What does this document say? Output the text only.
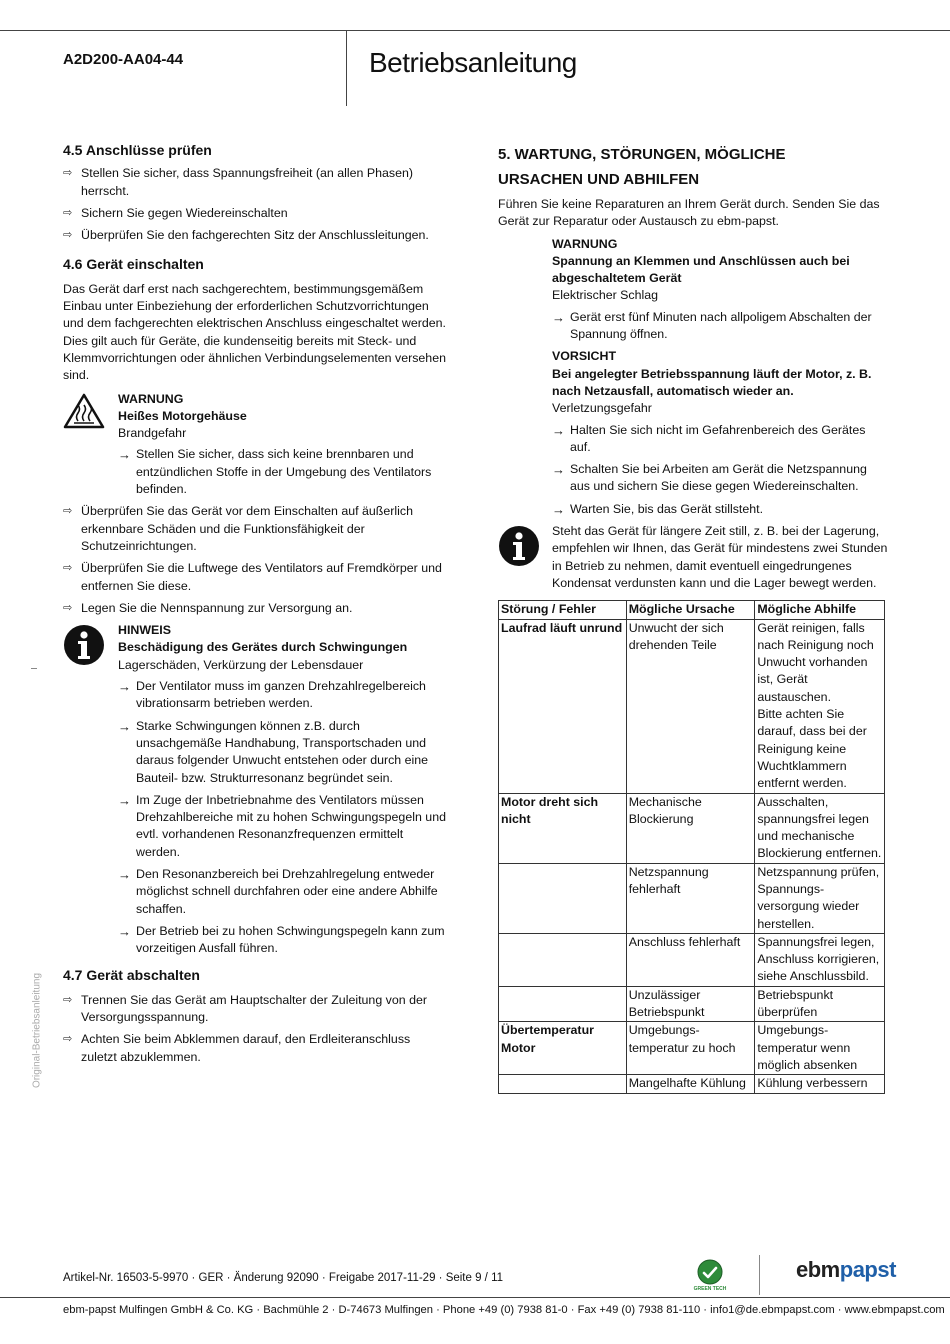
A2D200-AA04-44	Betriebsanleitung
Original-Betriebsanleitung
4.5 Anschlüsse prüfen
⇨ Stellen Sie sicher, dass Spannungsfreiheit (an allen Phasen) herrscht.
⇨ Sichern Sie gegen Wiedereinschalten
⇨ Überprüfen Sie den fachgerechten Sitz der Anschlussleitungen.
4.6 Gerät einschalten
Das Gerät darf erst nach sachgerechtem, bestimmungsgemäßem Einbau unter Einbeziehung der erforderlichen Schutzvorrichtungen und dem fachgerechten elektrischen Anschluss eingeschaltet werden. Dies gilt auch für Geräte, die kundenseitig bereits mit Steck- und Klemmvorrichtungen oder ähnlichen Verbindungselementen versehen sind.
WARNUNG
Heißes Motorgehäuse
Brandgefahr
→ Stellen Sie sicher, dass sich keine brennbaren und entzündlichen Stoffe in der Umgebung des Ventilators befinden.
⇨ Überprüfen Sie das Gerät vor dem Einschalten auf äußerlich erkennbare Schäden und die Funktionsfähigkeit der Schutzeinrichtungen.
⇨ Überprüfen Sie die Luftwege des Ventilators auf Fremdkörper und entfernen Sie diese.
⇨ Legen Sie die Nennspannung zur Versorgung an.
HINWEIS
Beschädigung des Gerätes durch Schwingungen
Lagerschäden, Verkürzung der Lebensdauer
→ Der Ventilator muss im ganzen Drehzahlregelbereich vibrationsarm betrieben werden.
→ Starke Schwingungen können z.B. durch unsachgemäße Handhabung, Transportschaden und daraus folgender Unwucht entstehen oder durch eine Bauteil- bzw. Strukturresonanz begründet sein.
→ Im Zuge der Inbetriebnahme des Ventilators müssen Drehzahlbereiche mit zu hohen Schwingungspegeln und evtl. vorhandenen Resonanzfrequenzen ermittelt werden.
→ Den Resonanzbereich bei Drehzahlregelung entweder möglichst schnell durchfahren oder eine andere Abhilfe schaffen.
→ Der Betrieb bei zu hohen Schwingungspegeln kann zum vorzeitigen Ausfall führen.
4.7 Gerät abschalten
⇨ Trennen Sie das Gerät am Hauptschalter der Zuleitung von der Versorgungsspannung.
⇨ Achten Sie beim Abklemmen darauf, den Erdleiteranschluss zuletzt abzuklemmen.
5. WARTUNG, STÖRUNGEN, MÖGLICHE
URSACHEN UND ABHILFEN
Führen Sie keine Reparaturen an Ihrem Gerät durch. Senden Sie das Gerät zur Reparatur oder Austausch zu ebm-papst.
WARNUNG
Spannung an Klemmen und Anschlüssen auch bei abgeschaltetem Gerät
Elektrischer Schlag
→ Gerät erst fünf Minuten nach allpoligem Abschalten der Spannung öffnen.
VORSICHT
Bei angelegter Betriebsspannung läuft der Motor, z. B. nach Netzausfall, automatisch wieder an.
Verletzungsgefahr
→ Halten Sie sich nicht im Gefahrenbereich des Gerätes auf.
→ Schalten Sie bei Arbeiten am Gerät die Netzspannung aus und sichern Sie diese gegen Wiedereinschalten.
→ Warten Sie, bis das Gerät stillsteht.
Steht das Gerät für längere Zeit still, z. B. bei der Lagerung, empfehlen wir Ihnen, das Gerät für mindestens zwei Stunden in Betrieb zu nehmen, damit eventuell eingedrungenes Kondensat verdunsten kann und die Lager bewegt werden.
Störung / Fehler	Mögliche Ursache	Mögliche Abhilfe
Laufrad läuft unrund	Unwucht der sich drehenden Teile	Gerät reinigen, falls nach Reinigung noch Unwucht vorhanden ist, Gerät austauschen.
Bitte achten Sie darauf, dass bei der Reinigung keine Wuchtklammern entfernt werden.
Motor dreht sich nicht	Mechanische Blockierung	Ausschalten, spannungsfrei legen und mechanische Blockierung entfernen.
	Netzspannung fehlerhaft	Netzspannung prüfen, Spannungs-versorgung wieder herstellen.
	Anschluss fehlerhaft	Spannungsfrei legen, Anschluss korrigieren, siehe Anschlussbild.
	Unzulässiger Betriebspunkt	Betriebspunkt überprüfen
Übertemperatur Motor	Umgebungs-temperatur zu hoch	Umgebungs-temperatur wenn möglich absenken
	Mangelhafte Kühlung	Kühlung verbessern
Artikel-Nr. 16503-5-9970 · GER · Änderung 92090 · Freigabe 2017-11-29 · Seite 9 / 11
GREEN TECH
ebmpapst
ebm-papst Mulfingen GmbH & Co. KG · Bachmühle 2 · D-74673 Mulfingen · Phone +49 (0) 7938 81-0 · Fax +49 (0) 7938 81-110 · info1@de.ebmpapst.com · www.ebmpapst.com
